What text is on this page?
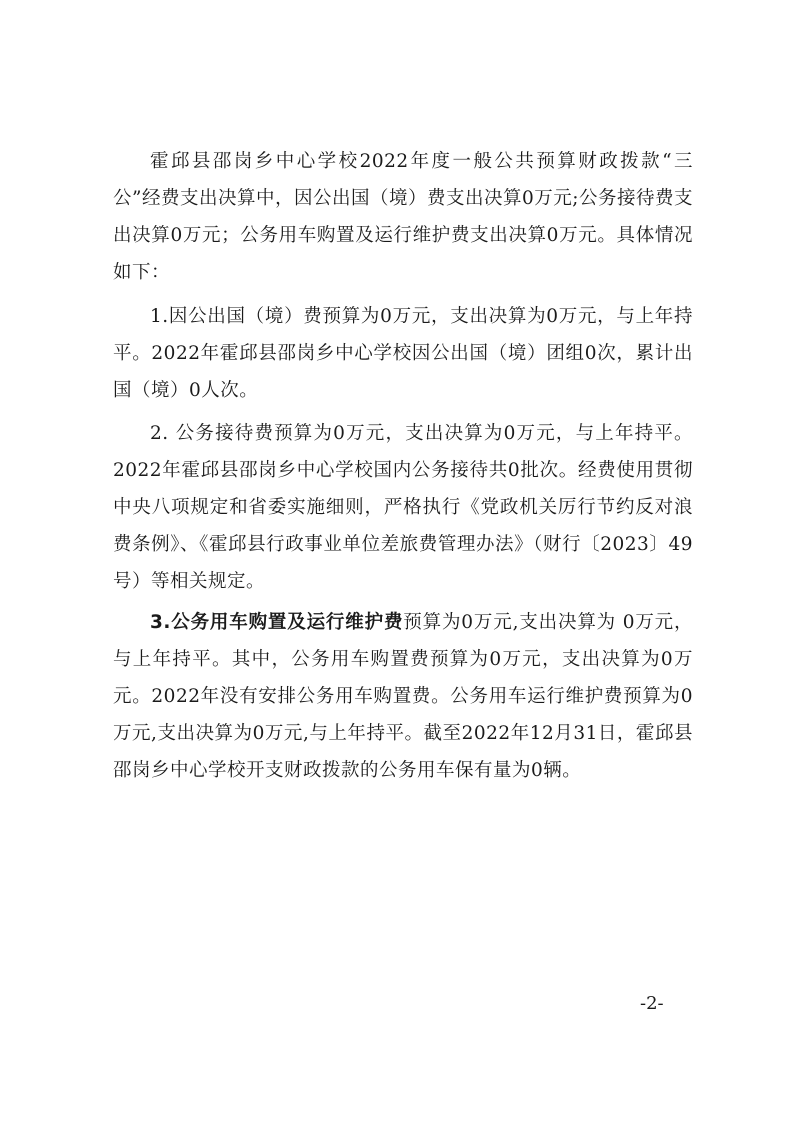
霍邱县邵岗乡中心学校2022年度一般公共预算财政拨款“三公”经费支出决算中，因公出国（境）费支出决算0万元;公务接待费支出决算0万元；公务用车购置及运行维护费支出决算0万元。具体情况如下：

1.因公出国（境）费预算为0万元，支出决算为0万元，与上年持平。2022年霍邱县邵岗乡中心学校因公出国（境）团组0次，累计出国（境）0人次。

2. 公务接待费预算为0万元，支出决算为0万元，与上年持平。2022年霍邱县邵岗乡中心学校国内公务接待共0批次。经费使用贯彻中央八项规定和省委实施细则，严格执行《党政机关厉行节约反对浪费条例》、《霍邱县行政事业单位差旅费管理办法》（财行〔2023〕49号）等相关规定。

3.公务用车购置及运行维护费预算为0万元,支出决算为 0万元，与上年持平。其中，公务用车购置费预算为0万元，支出决算为0万元。2022年没有安排公务用车购置费。公务用车运行维护费预算为0万元,支出决算为0万元,与上年持平。截至2022年12月31日，霍邱县邵岗乡中心学校开支财政拨款的公务用车保有量为0辆。

-2-
